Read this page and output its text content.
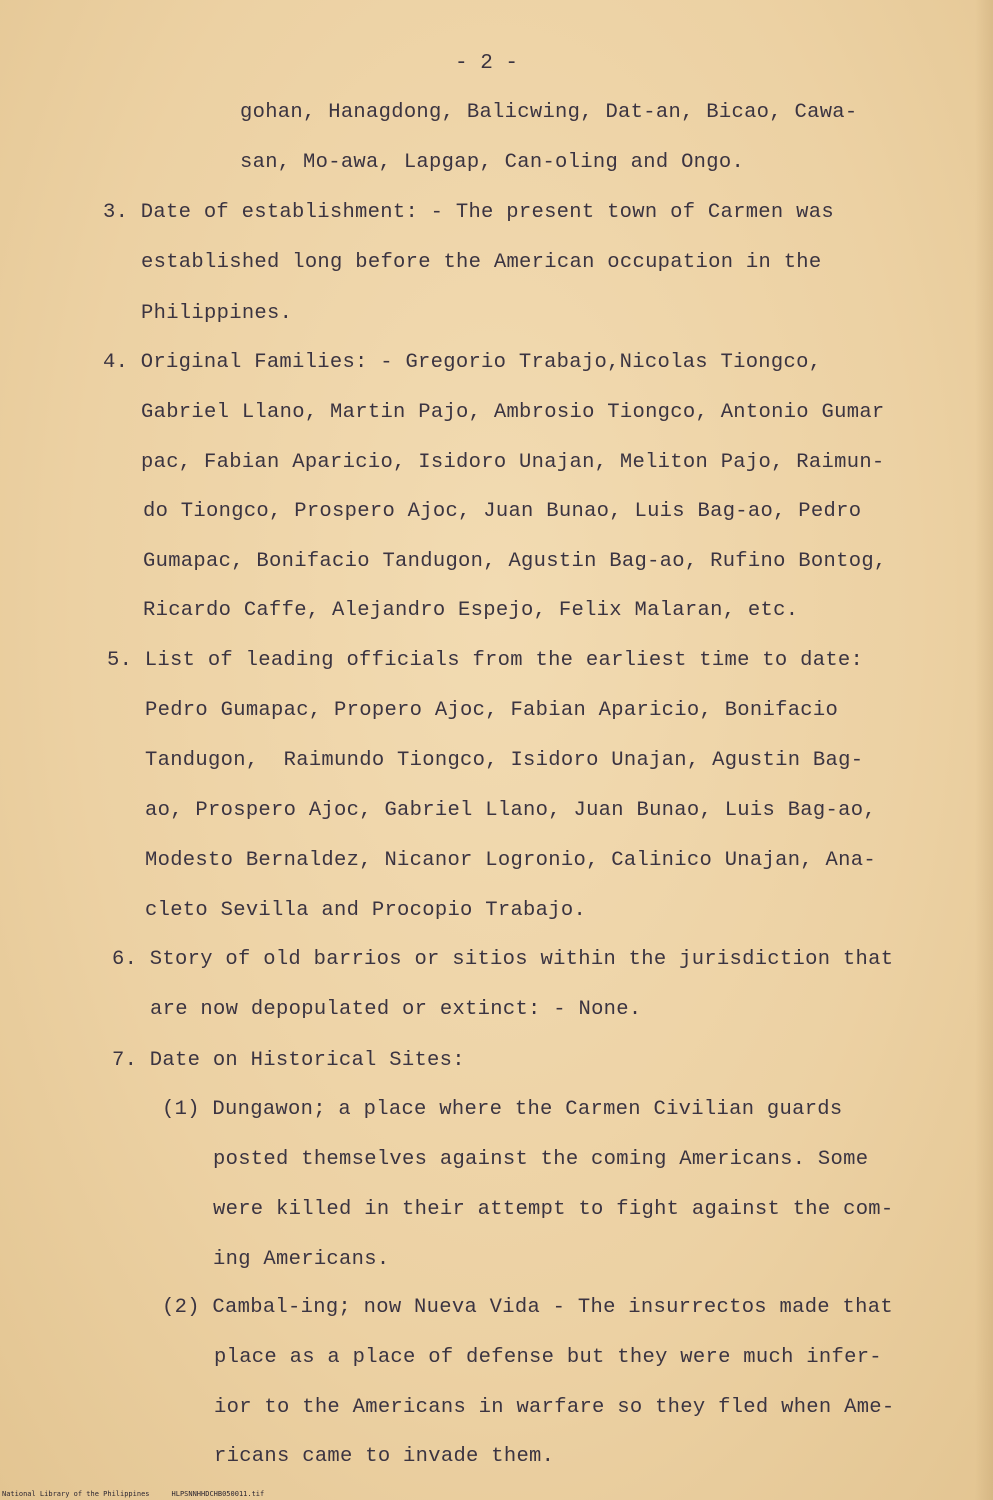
- 2 -
gohan, Hanagdong, Balicwing, Dat-an, Bicao, Cawa-
san, Mo-awa, Lapgap, Can-oling and Ongo.
3. Date of establishment: - The present town of Carmen was
established long before the American occupation in the
Philippines.
4. Original Families: - Gregorio Trabajo,Nicolas Tiongco,
Gabriel Llano, Martin Pajo, Ambrosio Tiongco, Antonio Gumar
pac, Fabian Aparicio, Isidoro Unajan, Meliton Pajo, Raimun-
do Tiongco, Prospero Ajoc, Juan Bunao, Luis Bag-ao, Pedro
Gumapac, Bonifacio Tandugon, Agustin Bag-ao, Rufino Bontog,
Ricardo Caffe, Alejandro Espejo, Felix Malaran, etc.
5. List of leading officials from the earliest time to date:
Pedro Gumapac, Propero Ajoc, Fabian Aparicio, Bonifacio
Tandugon,  Raimundo Tiongco, Isidoro Unajan, Agustin Bag-
ao, Prospero Ajoc, Gabriel Llano, Juan Bunao, Luis Bag-ao,
Modesto Bernaldez, Nicanor Logronio, Calinico Unajan, Ana-
cleto Sevilla and Procopio Trabajo.
6. Story of old barrios or sitios within the jurisdiction that
are now depopulated or extinct: - None.
7. Date on Historical Sites:
(1) Dungawon; a place where the Carmen Civilian guards
posted themselves against the coming Americans. Some
were killed in their attempt to fight against the com-
ing Americans.
(2) Cambal-ing; now Nueva Vida - The insurrectos made that
place as a place of defense but they were much infer-
ior to the Americans in warfare so they fled when Ame-
ricans came to invade them.
National Library of the Philippines	HLPSNNHHDCHB050011.tif
